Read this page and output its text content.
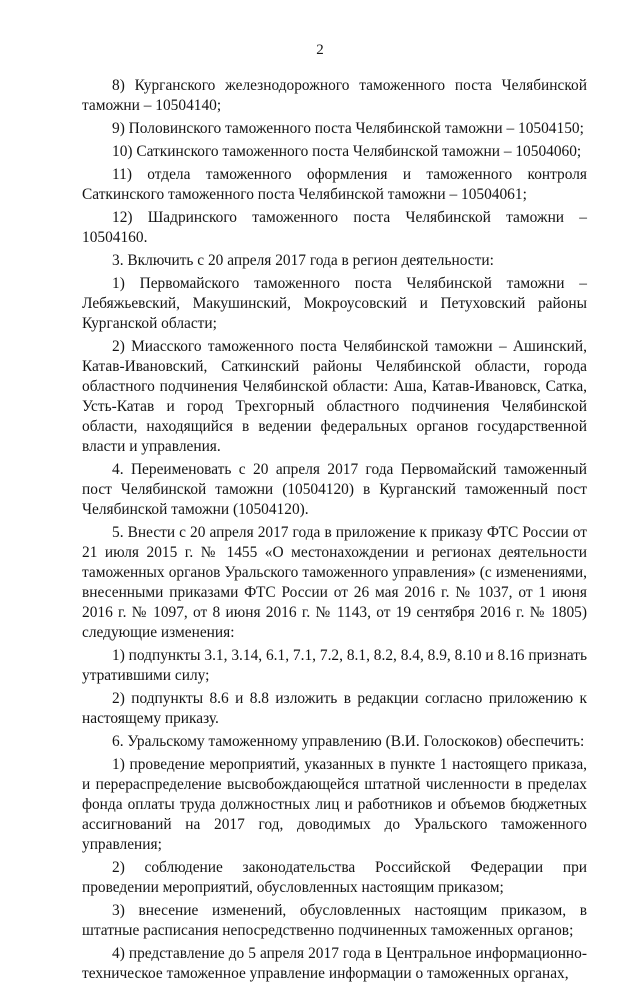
2

8) Курганского железнодорожного таможенного поста Челябинской таможни – 10504140;

9) Половинского таможенного поста Челябинской таможни – 10504150;

10) Саткинского таможенного поста Челябинской таможни – 10504060;

11) отдела таможенного оформления и таможенного контроля Саткинского таможенного поста Челябинской таможни – 10504061;

12) Шадринского таможенного поста Челябинской таможни – 10504160.

3. Включить с 20 апреля 2017 года в регион деятельности:

1) Первомайского таможенного поста Челябинской таможни – Лебяжьевский, Макушинский, Мокроусовский и Петуховский районы Курганской области;

2) Миасского таможенного поста Челябинской таможни – Ашинский, Катав-Ивановский, Саткинский районы Челябинской области, города областного подчинения Челябинской области: Аша, Катав-Ивановск, Сатка, Усть-Катав и город Трехгорный областного подчинения Челябинской области, находящийся в ведении федеральных органов государственной власти и управления.

4. Переименовать с 20 апреля 2017 года Первомайский таможенный пост Челябинской таможни (10504120) в Курганский таможенный пост Челябинской таможни (10504120).

5. Внести с 20 апреля 2017 года в приложение к приказу ФТС России от 21 июля 2015 г. № 1455 «О местонахождении и регионах деятельности таможенных органов Уральского таможенного управления» (с изменениями, внесенными приказами ФТС России от 26 мая 2016 г. № 1037, от 1 июня 2016 г. № 1097, от 8 июня 2016 г. № 1143, от 19 сентября 2016 г. № 1805) следующие изменения:

1) подпункты 3.1, 3.14, 6.1, 7.1, 7.2, 8.1, 8.2, 8.4, 8.9, 8.10 и 8.16 признать утратившими силу;

2) подпункты 8.6 и 8.8 изложить в редакции согласно приложению к настоящему приказу.

6. Уральскому таможенному управлению (В.И. Голоскоков) обеспечить:

1) проведение мероприятий, указанных в пункте 1 настоящего приказа, и перераспределение высвобождающейся штатной численности в пределах фонда оплаты труда должностных лиц и работников и объемов бюджетных ассигнований на 2017 год, доводимых до Уральского таможенного управления;

2) соблюдение законодательства Российской Федерации при проведении мероприятий, обусловленных настоящим приказом;

3) внесение изменений, обусловленных настоящим приказом, в штатные расписания непосредственно подчиненных таможенных органов;

4) представление до 5 апреля 2017 года в Центральное информационно-техническое таможенное управление информации о таможенных органах,
